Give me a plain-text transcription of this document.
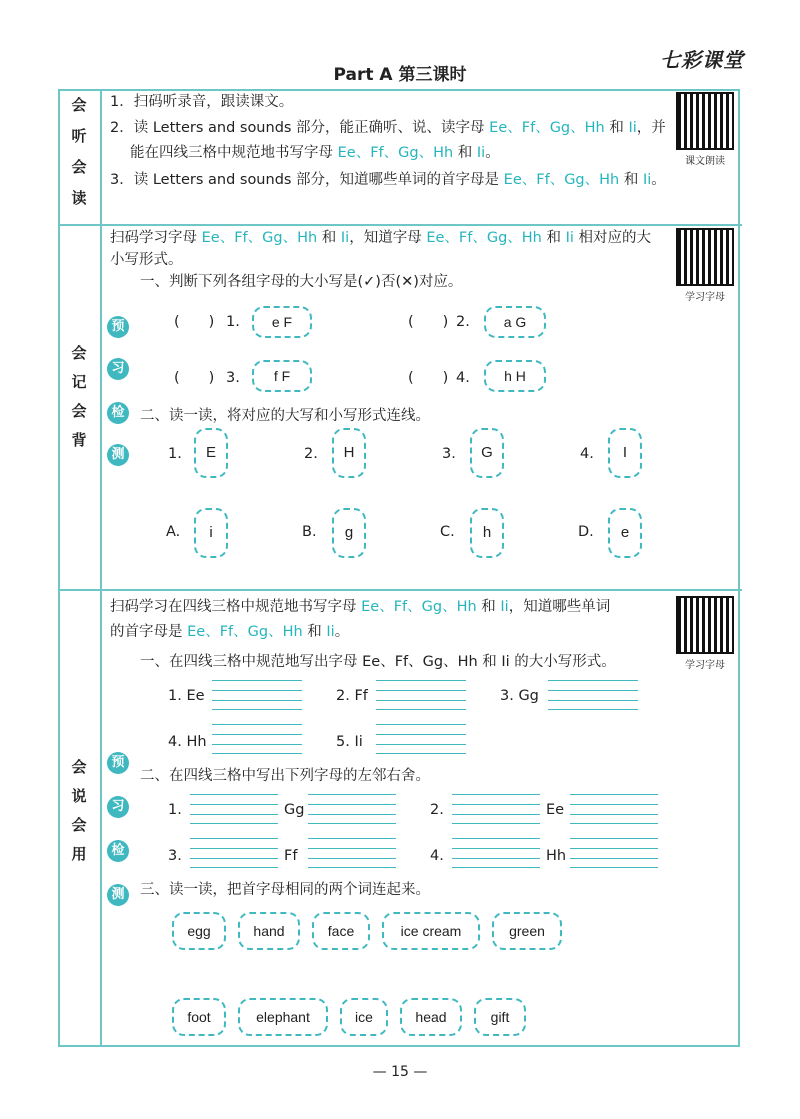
Part A 第三课时
七彩课堂
会
听
会
读
1．扫码听录音，跟读课文。
2．读 Letters and sounds 部分，能正确听、说、读字母 Ee、Ff、Gg、Hh 和 Ii，并
能在四线三格中规范地书写字母 Ee、Ff、Gg、Hh 和 Ii。
3．读 Letters and sounds 部分，知道哪些单词的首字母是 Ee、Ff、Gg、Hh 和 Ii。
课文朗读
会
记
会
背
扫码学习字母 Ee、Ff、Gg、Hh 和 Ii，知道字母 Ee、Ff、Gg、Hh 和 Ii 相对应的大
小写形式。
学习字母
一、判断下列各组字母的大小写是(✓)否(✕)对应。
预
习
检
测
(　　) 1.	e F	(　　) 2.	a G
(　　) 3.	f F	(　　) 4.	h H
二、读一读，将对应的大写和小写形式连线。
1.	E	2.	H	3.	G	4.	I
A.	i	B.	g	C.	h	D.	e
会
说
会
用
扫码学习在四线三格中规范地书写字母 Ee、Ff、Gg、Hh 和 Ii，知道哪些单词
的首字母是 Ee、Ff、Gg、Hh 和 Ii。
学习字母
一、在四线三格中规范地写出字母 Ee、Ff、Gg、Hh 和 Ii 的大小写形式。
1. Ee	2. Ff	3. Gg
4. Hh	5. Ii
预
习
检
测
二、在四线三格中写出下列字母的左邻右舍。
1.	Gg	2.	Ee
3.	Ff	4.	Hh
三、读一读，把首字母相同的两个词连起来。
egg	hand	face	ice cream	green
foot	elephant	ice	head	gift
— 15 —
